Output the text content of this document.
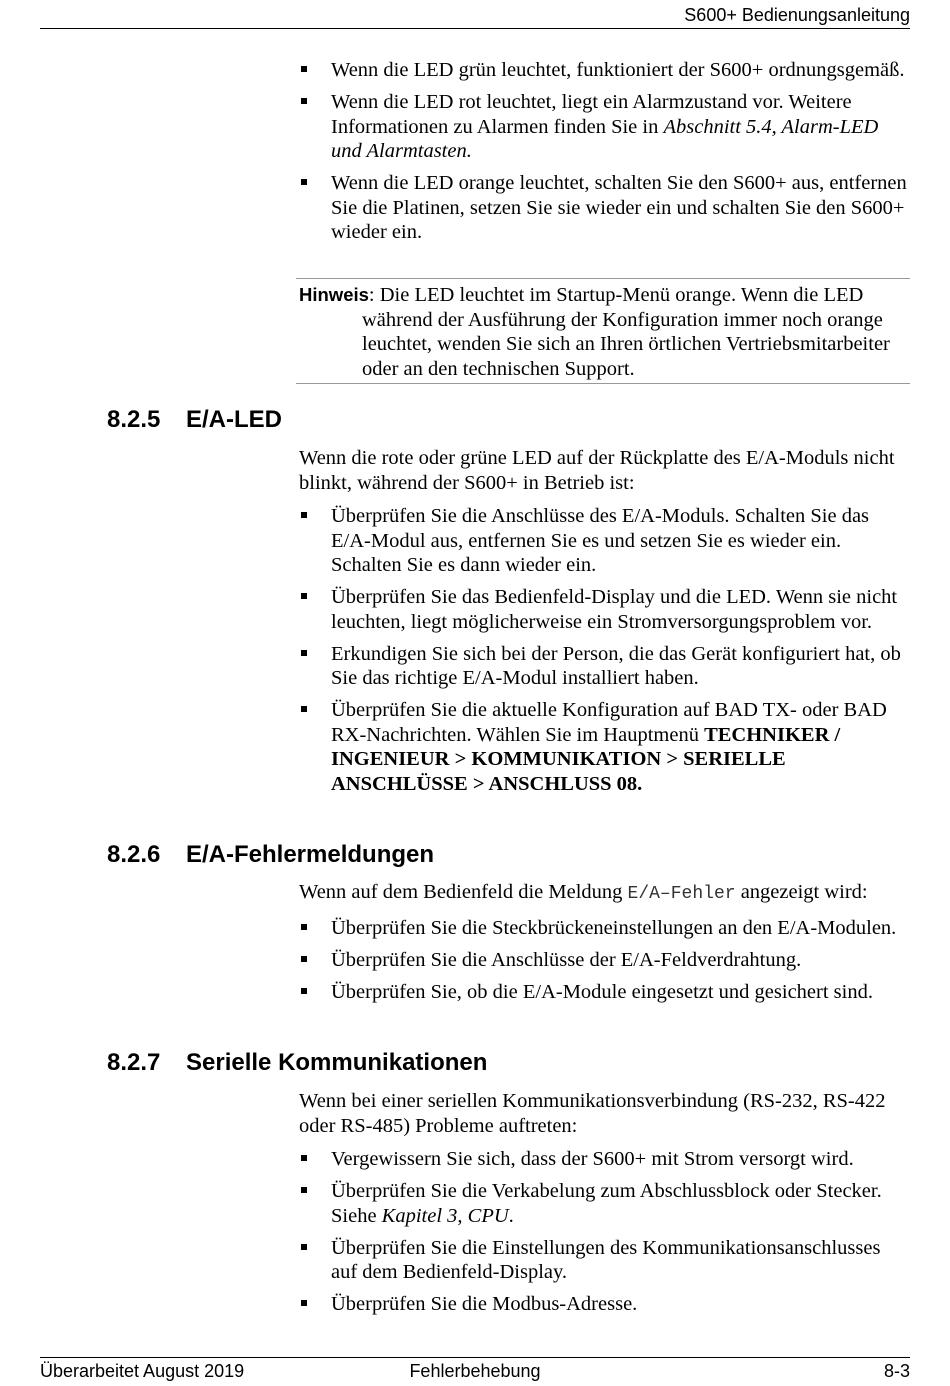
S600+ Bedienungsanleitung
Wenn die LED grün leuchtet, funktioniert der S600+ ordnungsgemäß.
Wenn die LED rot leuchtet, liegt ein Alarmzustand vor. Weitere Informationen zu Alarmen finden Sie in Abschnitt 5.4, Alarm-LED und Alarmtasten.
Wenn die LED orange leuchtet, schalten Sie den S600+ aus, entfernen Sie die Platinen, setzen Sie sie wieder ein und schalten Sie den S600+ wieder ein.
Hinweis: Die LED leuchtet im Startup-Menü orange. Wenn die LED
während der Ausführung der Konfiguration immer noch orange leuchtet, wenden Sie sich an Ihren örtlichen Vertriebsmitarbeiter oder an den technischen Support.
8.2.5 E/A-LED

Wenn die rote oder grüne LED auf der Rückplatte des E/A-Moduls nicht blinkt, während der S600+ in Betrieb ist:

Überprüfen Sie die Anschlüsse des E/A-Moduls. Schalten Sie das E/A-Modul aus, entfernen Sie es und setzen Sie es wieder ein. Schalten Sie es dann wieder ein.
Überprüfen Sie das Bedienfeld-Display und die LED. Wenn sie nicht leuchten, liegt möglicherweise ein Stromversorgungsproblem vor.
Erkundigen Sie sich bei der Person, die das Gerät konfiguriert hat, ob Sie das richtige E/A-Modul installiert haben.
Überprüfen Sie die aktuelle Konfiguration auf BAD TX- oder BAD RX-Nachrichten. Wählen Sie im Hauptmenü TECHNIKER / INGENIEUR > KOMMUNIKATION > SERIELLE ANSCHLÜSSE > ANSCHLUSS 08.
8.2.6 E/A-Fehlermeldungen

Wenn auf dem Bedienfeld die Meldung E/A–Fehler angezeigt wird:

Überprüfen Sie die Steckbrückeneinstellungen an den E/A-Modulen.
Überprüfen Sie die Anschlüsse der E/A-Feldverdrahtung.
Überprüfen Sie, ob die E/A-Module eingesetzt und gesichert sind.
8.2.7 Serielle Kommunikationen

Wenn bei einer seriellen Kommunikationsverbindung (RS-232, RS-422 oder RS-485) Probleme auftreten:

Vergewissern Sie sich, dass der S600+ mit Strom versorgt wird.
Überprüfen Sie die Verkabelung zum Abschlussblock oder Stecker. Siehe Kapitel 3, CPU.
Überprüfen Sie die Einstellungen des Kommunikationsanschlusses auf dem Bedienfeld-Display.
Überprüfen Sie die Modbus-Adresse.
Überarbeitet August 2019	Fehlerbehebung	8-3
